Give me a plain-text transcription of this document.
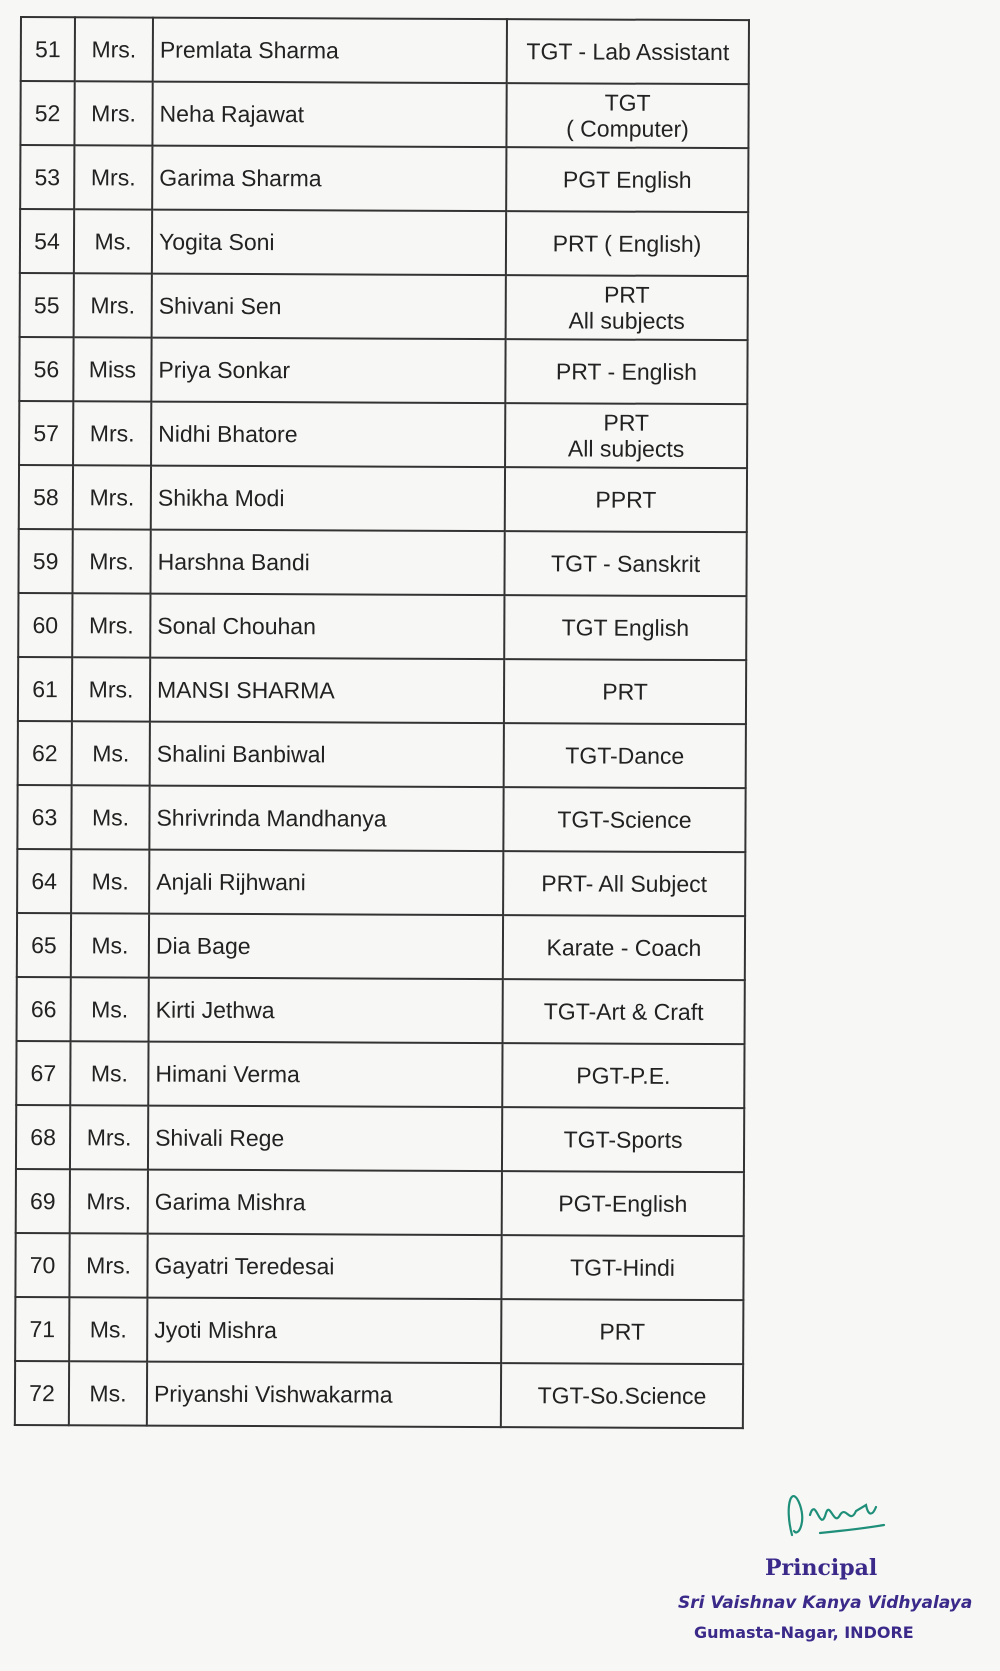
51	Mrs.	Premlata Sharma	TGT - Lab Assistant
52	Mrs.	Neha Rajawat	TGT
( Computer)
53	Mrs.	Garima Sharma	PGT English
54	Ms.	Yogita Soni	PRT ( English)
55	Mrs.	Shivani Sen	PRT
All subjects
56	Miss	Priya Sonkar	PRT - English
57	Mrs.	Nidhi Bhatore	PRT
All subjects
58	Mrs.	Shikha Modi	PPRT
59	Mrs.	Harshna Bandi	TGT - Sanskrit
60	Mrs.	Sonal Chouhan	TGT English
61	Mrs.	MANSI SHARMA	PRT
62	Ms.	Shalini Banbiwal	TGT-Dance
63	Ms.	Shrivrinda Mandhanya	TGT-Science
64	Ms.	Anjali Rijhwani	PRT- All Subject
65	Ms.	Dia Bage	Karate - Coach
66	Ms.	Kirti Jethwa	TGT-Art & Craft
67	Ms.	Himani Verma	PGT-P.E.
68	Mrs.	Shivali Rege	TGT-Sports
69	Mrs.	Garima Mishra	PGT-English
70	Mrs.	Gayatri Teredesai	TGT-Hindi
71	Ms.	Jyoti Mishra	PRT
72	Ms.	Priyanshi Vishwakarma	TGT-So.Science
Principal
Sri Vaishnav Kanya Vidhyalaya
Gumasta-Nagar, INDORE
